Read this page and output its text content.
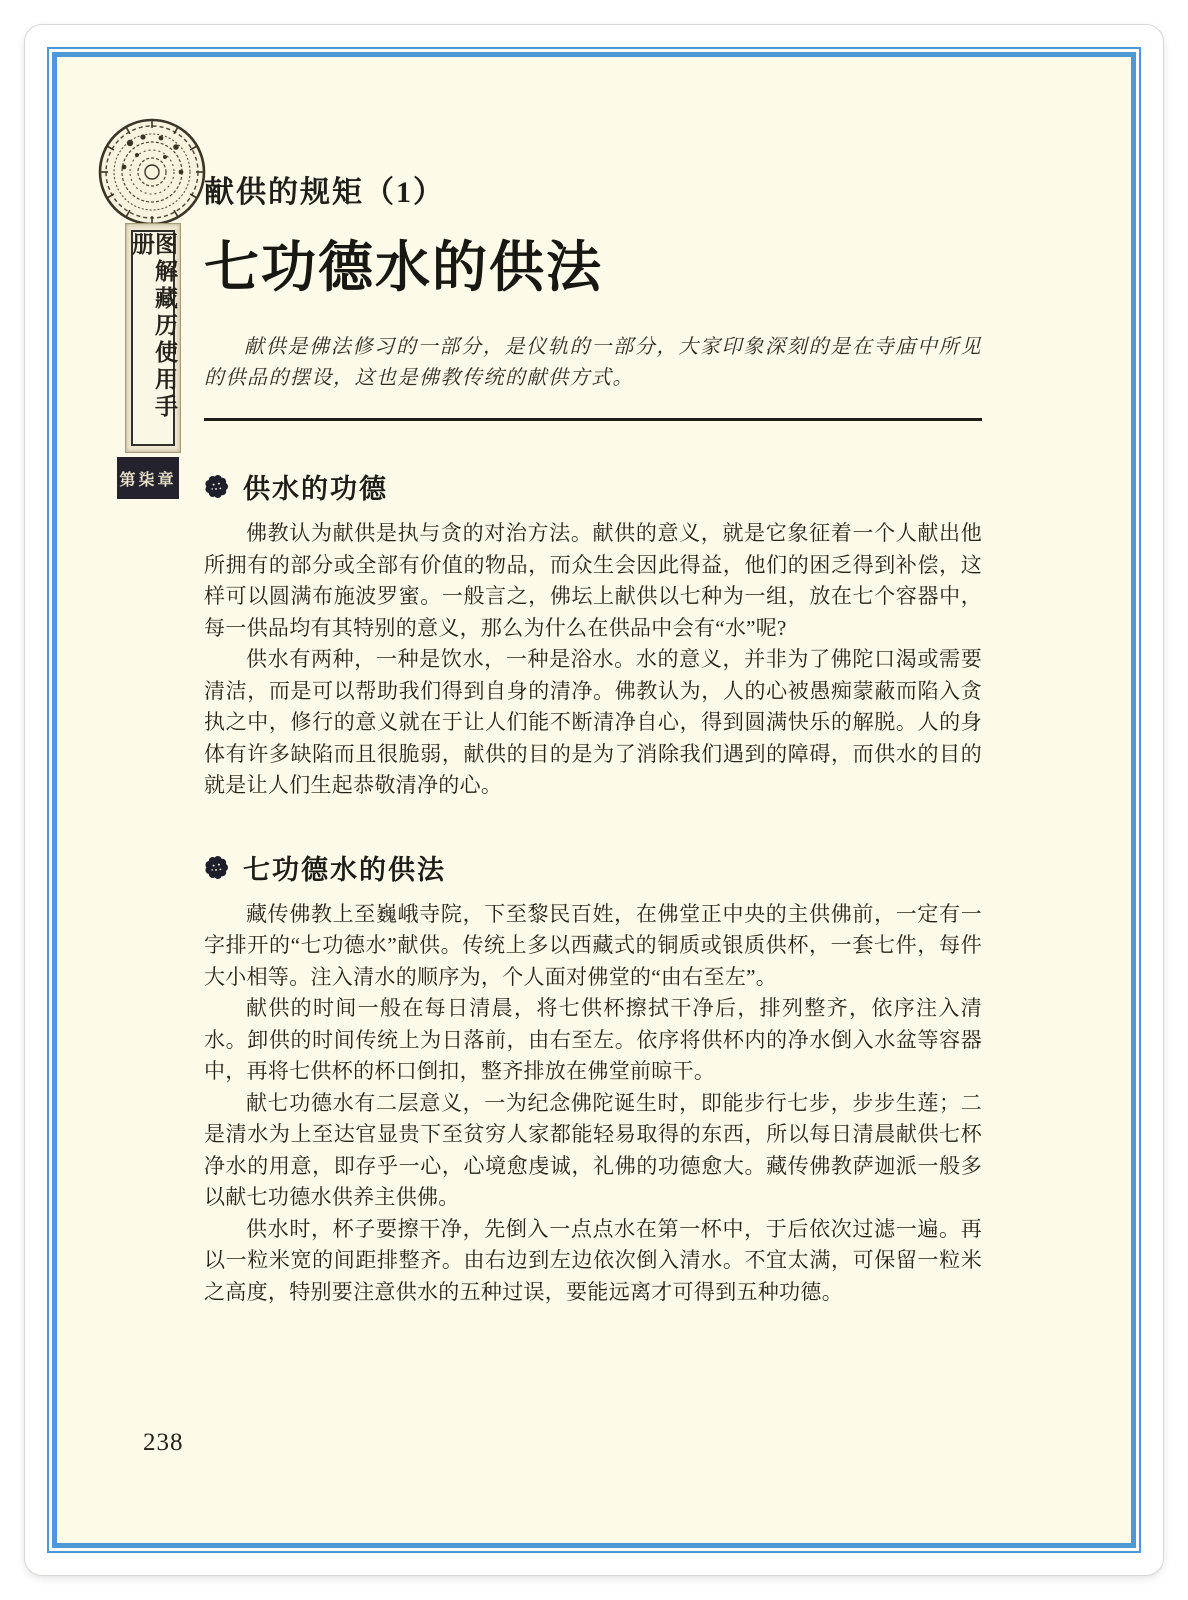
图解藏历使用手册
第柒章
献供的规矩（1）
七功德水的供法

献供是佛法修习的一部分，是仪轨的一部分，大家印象深刻的是在寺庙中所见的供品的摆设，这也是佛教传统的献供方式。

供水的功德

佛教认为献供是执与贪的对治方法。献供的意义，就是它象征着一个人献出他所拥有的部分或全部有价值的物品，而众生会因此得益，他们的困乏得到补偿，这样可以圆满布施波罗蜜。一般言之，佛坛上献供以七种为一组，放在七个容器中，每一供品均有其特别的意义，那么为什么在供品中会有“水”呢?

供水有两种，一种是饮水，一种是浴水。水的意义，并非为了佛陀口渴或需要清洁，而是可以帮助我们得到自身的清净。佛教认为，人的心被愚痴蒙蔽而陷入贪执之中，修行的意义就在于让人们能不断清净自心，得到圆满快乐的解脱。人的身体有许多缺陷而且很脆弱，献供的目的是为了消除我们遇到的障碍，而供水的目的就是让人们生起恭敬清净的心。

七功德水的供法

藏传佛教上至巍峨寺院，下至黎民百姓，在佛堂正中央的主供佛前，一定有一字排开的“七功德水”献供。传统上多以西藏式的铜质或银质供杯，一套七件，每件大小相等。注入清水的顺序为，个人面对佛堂的“由右至左”。

献供的时间一般在每日清晨，将七供杯擦拭干净后，排列整齐，依序注入清水。卸供的时间传统上为日落前，由右至左。依序将供杯内的净水倒入水盆等容器中，再将七供杯的杯口倒扣，整齐排放在佛堂前晾干。

献七功德水有二层意义，一为纪念佛陀诞生时，即能步行七步，步步生莲；二是清水为上至达官显贵下至贫穷人家都能轻易取得的东西，所以每日清晨献供七杯净水的用意，即存乎一心，心境愈虔诚，礼佛的功德愈大。藏传佛教萨迦派一般多以献七功德水供养主供佛。

供水时，杯子要擦干净，先倒入一点点水在第一杯中，于后依次过滤一遍。再以一粒米宽的间距排整齐。由右边到左边依次倒入清水。不宜太满，可保留一粒米之高度，特别要注意供水的五种过误，要能远离才可得到五种功德。

238
